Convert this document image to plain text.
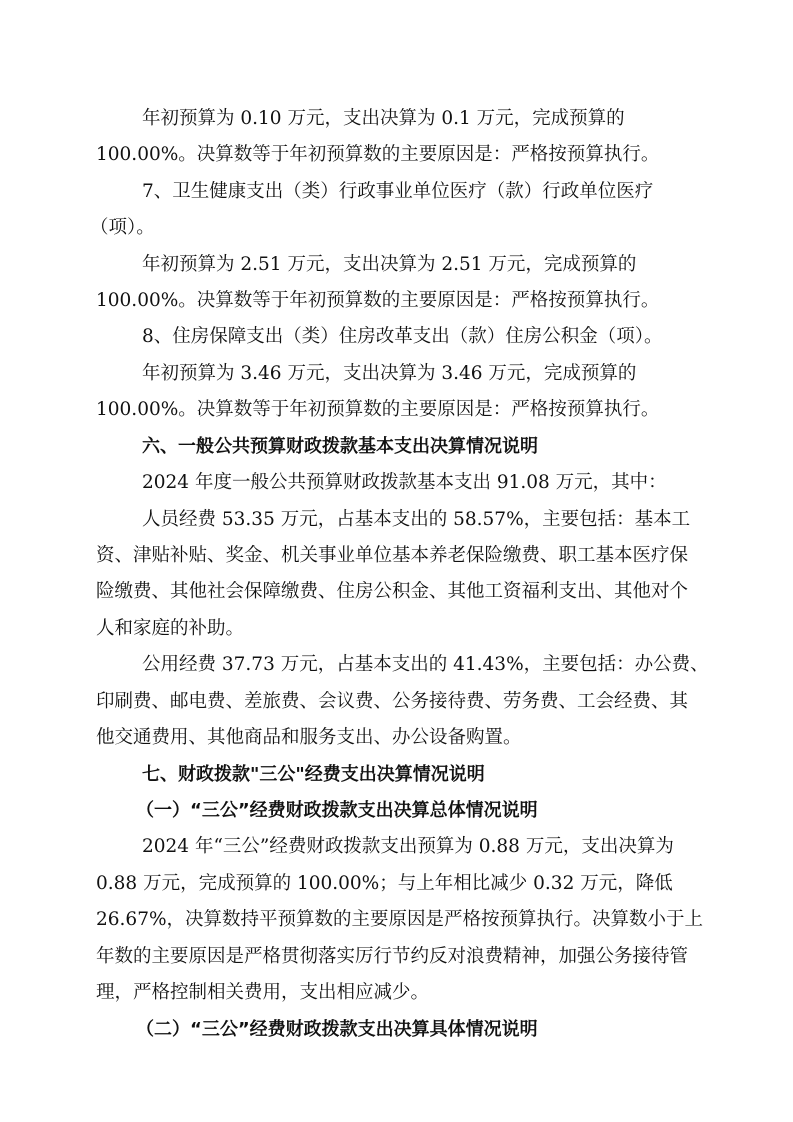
年初预算为 0.10 万元，支出决算为 0.1 万元，完成预算的
100.00%。决算数等于年初预算数的主要原因是：严格按预算执行。
7、卫生健康支出（类）行政事业单位医疗（款）行政单位医疗
（项）。
年初预算为 2.51 万元，支出决算为 2.51 万元，完成预算的
100.00%。决算数等于年初预算数的主要原因是：严格按预算执行。
8、住房保障支出（类）住房改革支出（款）住房公积金（项）。
年初预算为 3.46 万元，支出决算为 3.46 万元，完成预算的
100.00%。决算数等于年初预算数的主要原因是：严格按预算执行。
六、一般公共预算财政拨款基本支出决算情况说明
2024 年度一般公共预算财政拨款基本支出 91.08 万元，其中：
人员经费 53.35 万元，占基本支出的 58.57%，主要包括：基本工
资、津贴补贴、奖金、机关事业单位基本养老保险缴费、职工基本医疗保
险缴费、其他社会保障缴费、住房公积金、其他工资福利支出、其他对个
人和家庭的补助。
公用经费 37.73 万元，占基本支出的 41.43%，主要包括：办公费、
印刷费、邮电费、差旅费、会议费、公务接待费、劳务费、工会经费、其
他交通费用、其他商品和服务支出、办公设备购置。
七、财政拨款"三公"经费支出决算情况说明
（一）“三公”经费财政拨款支出决算总体情况说明
2024 年“三公”经费财政拨款支出预算为 0.88 万元，支出决算为
0.88 万元，完成预算的 100.00%；与上年相比减少 0.32 万元，降低
26.67%，决算数持平预算数的主要原因是严格按预算执行。决算数小于上
年数的主要原因是严格贯彻落实厉行节约反对浪费精神，加强公务接待管
理，严格控制相关费用，支出相应减少。
（二）“三公”经费财政拨款支出决算具体情况说明
